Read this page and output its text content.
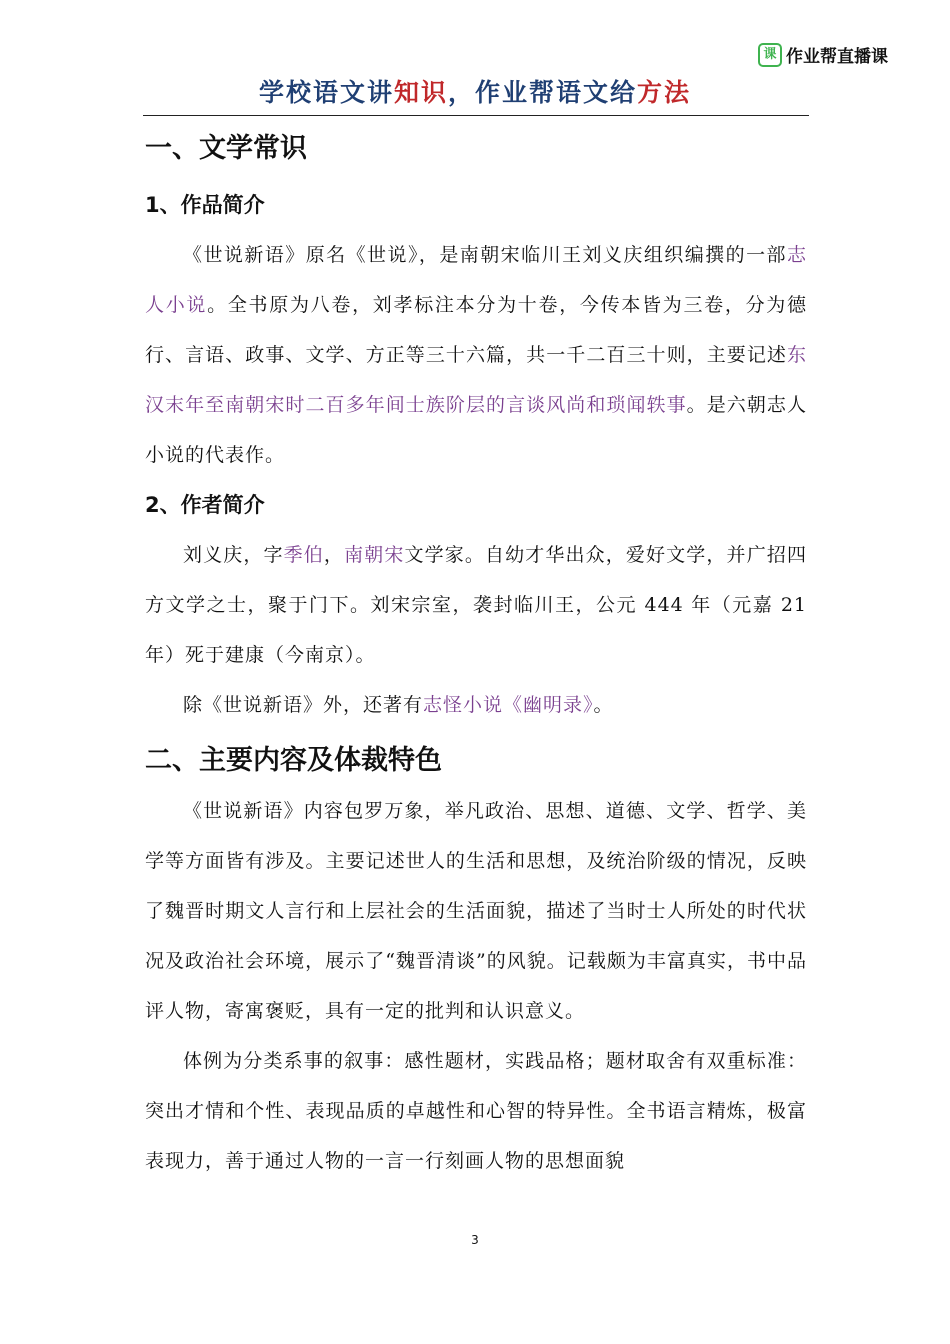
课 作业帮直播课
学校语文讲知识，作业帮语文给方法
一、文学常识
1、作品简介

《世说新语》原名《世说》，是南朝宋临川王刘义庆组织编撰的一部志人小说。全书原为八卷，刘孝标注本分为十卷，今传本皆为三卷，分为德行、言语、政事、文学、方正等三十六篇，共一千二百三十则，主要记述东汉末年至南朝宋时二百多年间士族阶层的言谈风尚和琐闻轶事。是六朝志人小说的代表作。

2、作者简介

刘义庆，字季伯，南朝宋文学家。自幼才华出众，爱好文学，并广招四方文学之士，聚于门下。刘宋宗室，袭封临川王，公元 444 年（元嘉 21 年）死于建康（今南京）。

除《世说新语》外，还著有志怪小说《幽明录》。

二、主要内容及体裁特色

《世说新语》内容包罗万象，举凡政治、思想、道德、文学、哲学、美学等方面皆有涉及。主要记述世人的生活和思想，及统治阶级的情况，反映了魏晋时期文人言行和上层社会的生活面貌，描述了当时士人所处的时代状况及政治社会环境，展示了“魏晋清谈”的风貌。记载颇为丰富真实，书中品评人物，寄寓褒贬，具有一定的批判和认识意义。

体例为分类系事的叙事：感性题材，实践品格；题材取舍有双重标准：突出才情和个性、表现品质的卓越性和心智的特异性。全书语言精炼，极富表现力，善于通过人物的一言一行刻画人物的思想面貌

3
